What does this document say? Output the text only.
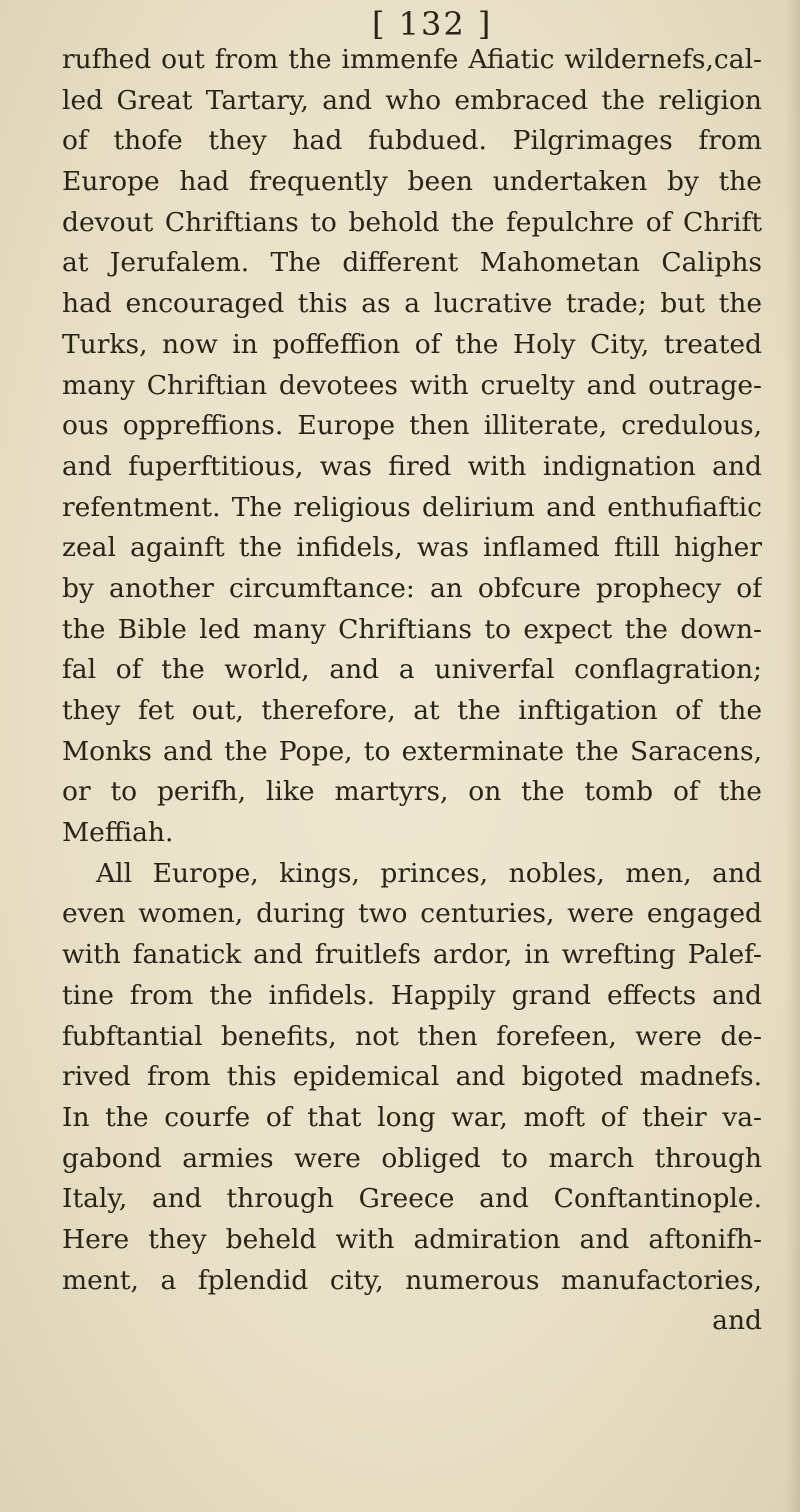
[ 132 ]
rufhed out from the immenfe Afiatic wildernefs,cal-
led Great Tartary, and who embraced the religion
of thofe they had fubdued. Pilgrimages from
Europe had frequently been undertaken by the
devout Chriftians to behold the fepulchre of Chrift
at Jerufalem. The different Mahometan Caliphs
had encouraged this as a lucrative trade; but the
Turks, now in poffeffion of the Holy City, treated
many Chriftian devotees with cruelty and outrage-
ous oppreffions. Europe then illiterate, credulous,
and fuperftitious, was fired with indignation and
refentment. The religious delirium and enthufiaftic
zeal againft the infidels, was inflamed ftill higher
by another circumftance: an obfcure prophecy of
the Bible led many Chriftians to expect the down-
fal of the world, and a univerfal conflagration;
they fet out, therefore, at the inftigation of the
Monks and the Pope, to exterminate the Saracens,
or to perifh, like martyrs, on the tomb of the
Meffiah.
All Europe, kings, princes, nobles, men, and
even women, during two centuries, were engaged
with fanatick and fruitlefs ardor, in wrefting Palef-
tine from the infidels. Happily grand effects and
fubftantial benefits, not then forefeen, were de-
rived from this epidemical and bigoted madnefs.
In the courfe of that long war, moft of their va-
gabond armies were obliged to march through
Italy, and through Greece and Conftantinople.
Here they beheld with admiration and aftonifh-
ment, a fplendid city, numerous manufactories,
and
